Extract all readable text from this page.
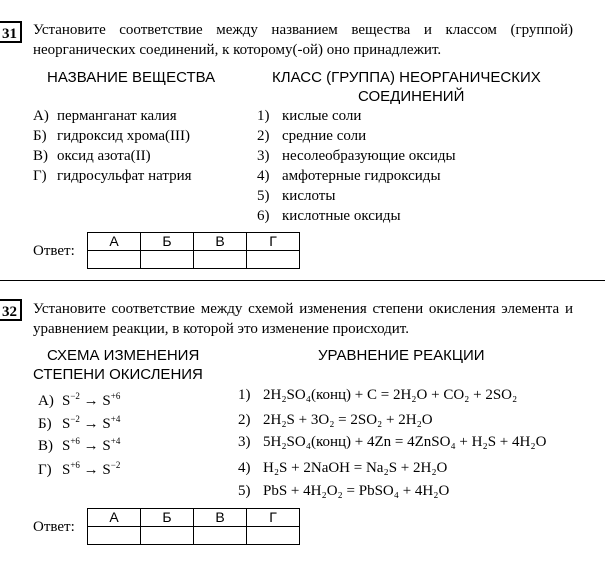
31	Установите соответствие между названием вещества и классом (группой) неорганических соединений, к которому(-ой) оно принадлежит.
НАЗВАНИЕ ВЕЩЕСТВА	КЛАСС (ГРУППА) НЕОРГАНИЧЕСКИХ
СОЕДИНЕНИЙ
А) перманганат калия
Б) гидроксид хрома(III)
В) оксид азота(II)
Г) гидросульфат натрия
1) кислые соли
2) средние соли
3) несолеобразующие оксиды
4) амфотерные гидроксиды
5) кислоты
6) кислотные оксиды
Ответ:
А	Б	В	Г

32	Установите соответствие между схемой изменения степени окисления элемента и уравнением реакции, в которой это изменение происходит.
СХЕМА ИЗМЕНЕНИЯ
СТЕПЕНИ ОКИСЛЕНИЯ
УРАВНЕНИЕ РЕАКЦИИ
А) $S^{-2} \to S^{+6}$
Б) $S^{-2} \to S^{+4}$
В) $S^{+6} \to S^{+4}$
Г) $S^{+6} \to S^{-2}$
1) 2H₂SO₄(конц) + C = 2H₂O + CO₂ + 2SO₂
2) 2H₂S + 3O₂ = 2SO₂ + 2H₂O
3) 5H₂SO₄(конц) + 4Zn = 4ZnSO₄ + H₂S + 4H₂O
4) H₂S + 2NaOH = Na₂S + 2H₂O
5) PbS + 4H₂O₂ = PbSO₄ + 4H₂O
Ответ:
А	Б	В	Г
